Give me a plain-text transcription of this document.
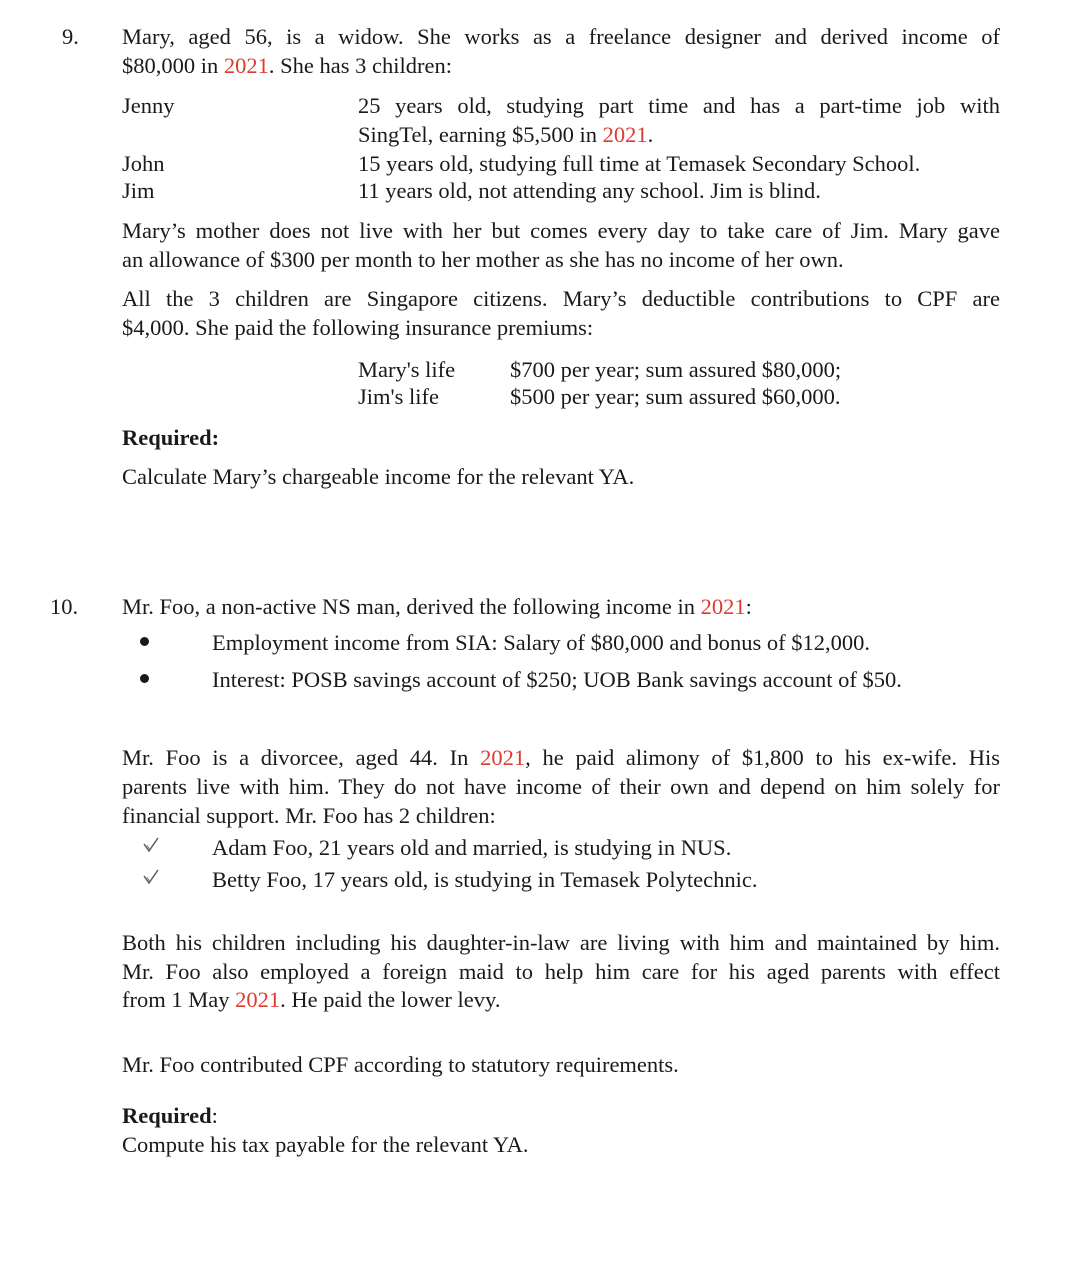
9. Mary, aged 56, is a widow. She works as a freelance designer and derived income of
$80,000 in 2021. She has 3 children:
Jenny	25 years old, studying part time and has a part-time job with
SingTel, earning $5,500 in 2021.
John	15 years old, studying full time at Temasek Secondary School.
Jim	11 years old, not attending any school. Jim is blind.
Mary’s mother does not live with her but comes every day to take care of Jim. Mary gave
an allowance of $300 per month to her mother as she has no income of her own.
All the 3 children are Singapore citizens. Mary’s deductible contributions to CPF are
$4,000. She paid the following insurance premiums:
Mary's life $700 per year; sum assured $80,000;
Jim's life	$500 per year; sum assured $60,000.
Required:
Calculate Mary’s chargeable income for the relevant YA.
10. Mr. Foo, a non-active NS man, derived the following income in 2021:
Employment income from SIA: Salary of $80,000 and bonus of $12,000.
Interest: POSB savings account of $250; UOB Bank savings account of $50.
Mr. Foo is a divorcee, aged 44. In 2021, he paid alimony of $1,800 to his ex-wife. His
parents live with him. They do not have income of their own and depend on him solely for
financial support. Mr. Foo has 2 children:
Adam Foo, 21 years old and married, is studying in NUS.
Betty Foo, 17 years old, is studying in Temasek Polytechnic.
Both his children including his daughter-in-law are living with him and maintained by him.
Mr. Foo also employed a foreign maid to help him care for his aged parents with effect
from 1 May 2021. He paid the lower levy.
Mr. Foo contributed CPF according to statutory requirements.
Required:
Compute his tax payable for the relevant YA.
